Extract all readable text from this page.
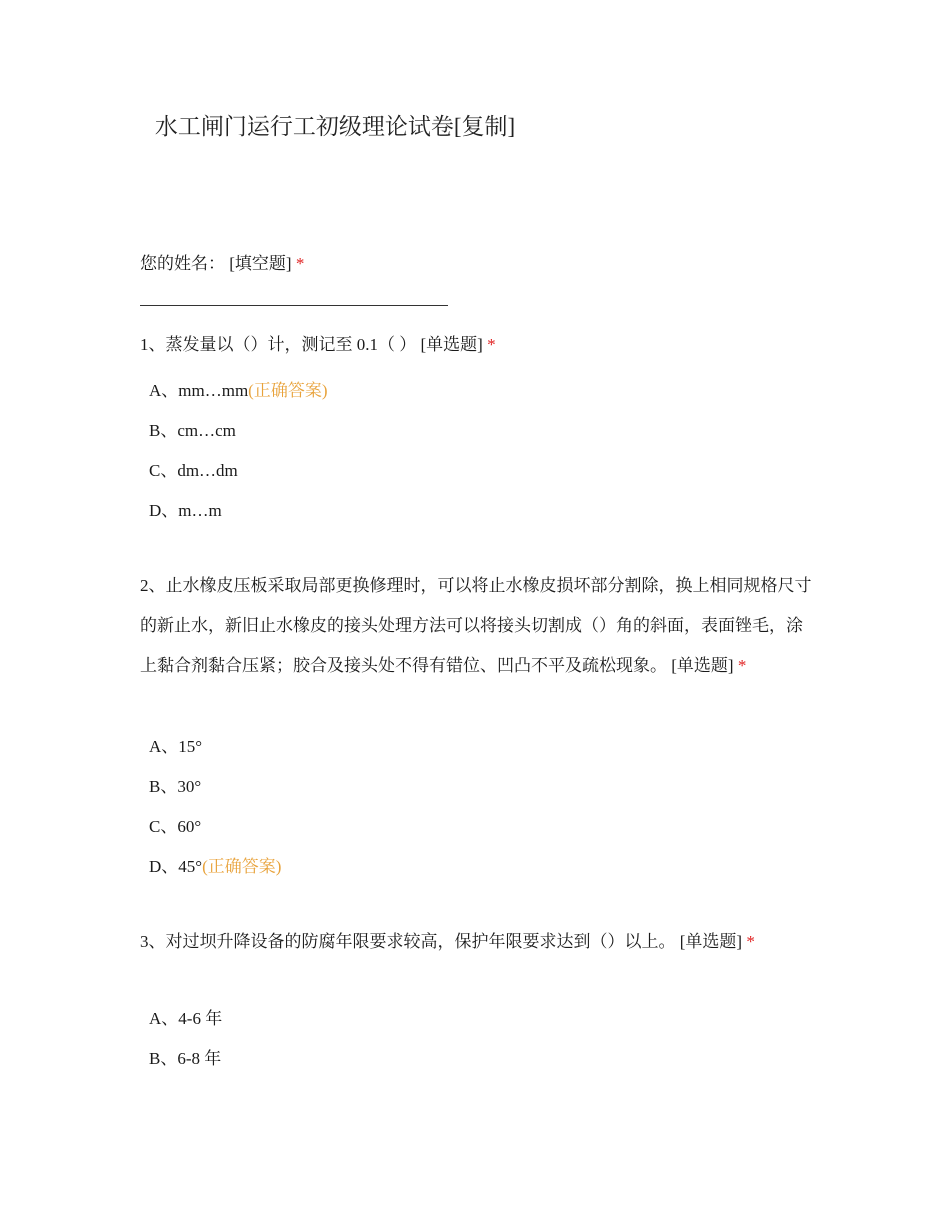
水工闸门运行工初级理论试卷[复制]
您的姓名： [填空题] *
1、蒸发量以（）计，测记至 0.1（ ） [单选题] *
A、mm…mm(正确答案)
B、cm…cm
C、dm…dm
D、m…m
2、止水橡皮压板采取局部更换修理时，可以将止水橡皮损坏部分割除，换上相同规格尺寸的新止水，新旧止水橡皮的接头处理方法可以将接头切割成（）角的斜面，表面锉毛，涂上黏合剂黏合压紧；胶合及接头处不得有错位、凹凸不平及疏松现象。 [单选题] *
A、15°
B、30°
C、60°
D、45°(正确答案)
3、对过坝升降设备的防腐年限要求较高，保护年限要求达到（）以上。 [单选题] *
A、4-6 年
B、6-8 年
